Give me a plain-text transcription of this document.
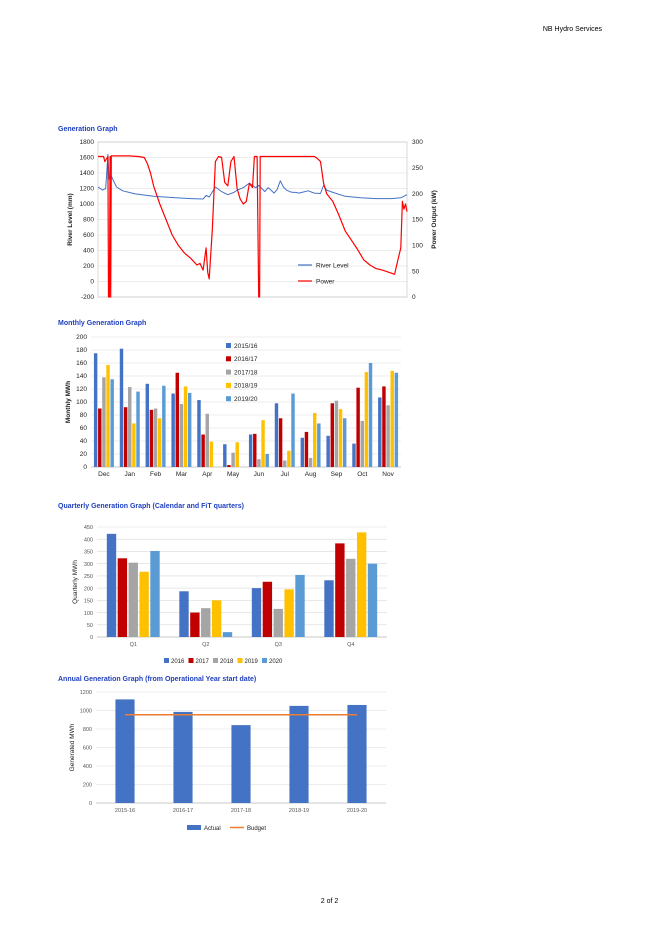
NB Hydro Services
Generation Graph
-200
0
200
400
600
800
1000
1200
1400
1600
1800
0
50
100
150
200
250
300
River Level (mm)	Power Output (kW)
River Level
Power
Monthly Generation Graph
0
20
40
60
80
100
120
140
160
180
200
Monthly MWh
Dec Jan Feb Mar Apr May Jun	Jul Aug Sep Oct Nov
2015/16
2016/17
2017/18
2018/19
2019/20
Quarterly Generation Graph (Calendar and FiT quarters)
0
50
100
150
200
250
300
350
400
450
Quarterly MWh
Q1	Q2	Q3	Q4
2016 2017 2018 2019 2020
Annual Generation Graph (from Operational Year start date)
0
200
400
600
800
1000
1200
Generated MWh
2015-16	2016-17	2017-18	2018-19	2019-20
Actual	Budget
2 of 2
